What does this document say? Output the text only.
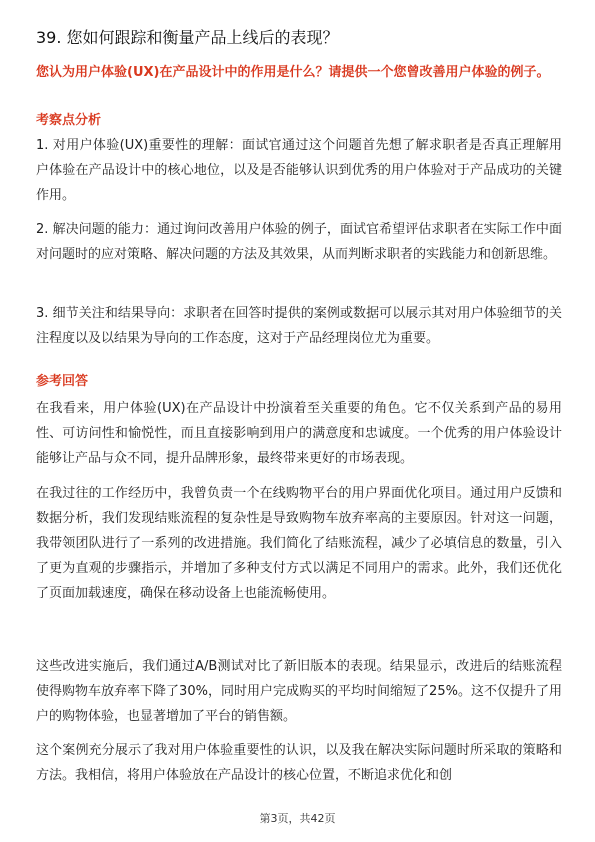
39. 您如何跟踪和衡量产品上线后的表现？
您认为用户体验(UX)在产品设计中的作用是什么？请提供一个您曾改善用户体验的例子。
考察点分析
1. 对用户体验(UX)重要性的理解：面试官通过这个问题首先想了解求职者是否真正理解用户体验在产品设计中的核心地位，以及是否能够认识到优秀的用户体验对于产品成功的关键作用。
2. 解决问题的能力：通过询问改善用户体验的例子，面试官希望评估求职者在实际工作中面对问题时的应对策略、解决问题的方法及其效果，从而判断求职者的实践能力和创新思维。
3. 细节关注和结果导向：求职者在回答时提供的案例或数据可以展示其对用户体验细节的关注程度以及以结果为导向的工作态度，这对于产品经理岗位尤为重要。
参考回答
在我看来，用户体验(UX)在产品设计中扮演着至关重要的角色。它不仅关系到产品的易用性、可访问性和愉悦性，而且直接影响到用户的满意度和忠诚度。一个优秀的用户体验设计能够让产品与众不同，提升品牌形象，最终带来更好的市场表现。
在我过往的工作经历中，我曾负责一个在线购物平台的用户界面优化项目。通过用户反馈和数据分析，我们发现结账流程的复杂性是导致购物车放弃率高的主要原因。针对这一问题，我带领团队进行了一系列的改进措施。我们简化了结账流程，减少了必填信息的数量，引入了更为直观的步骤指示，并增加了多种支付方式以满足不同用户的需求。此外，我们还优化了页面加载速度，确保在移动设备上也能流畅使用。
这些改进实施后，我们通过A/B测试对比了新旧版本的表现。结果显示，改进后的结账流程使得购物车放弃率下降了30%，同时用户完成购买的平均时间缩短了25%。这不仅提升了用户的购物体验，也显著增加了平台的销售额。
这个案例充分展示了我对用户体验重要性的认识，以及我在解决实际问题时所采取的策略和方法。我相信，将用户体验放在产品设计的核心位置，不断追求优化和创
第3页，共42页
